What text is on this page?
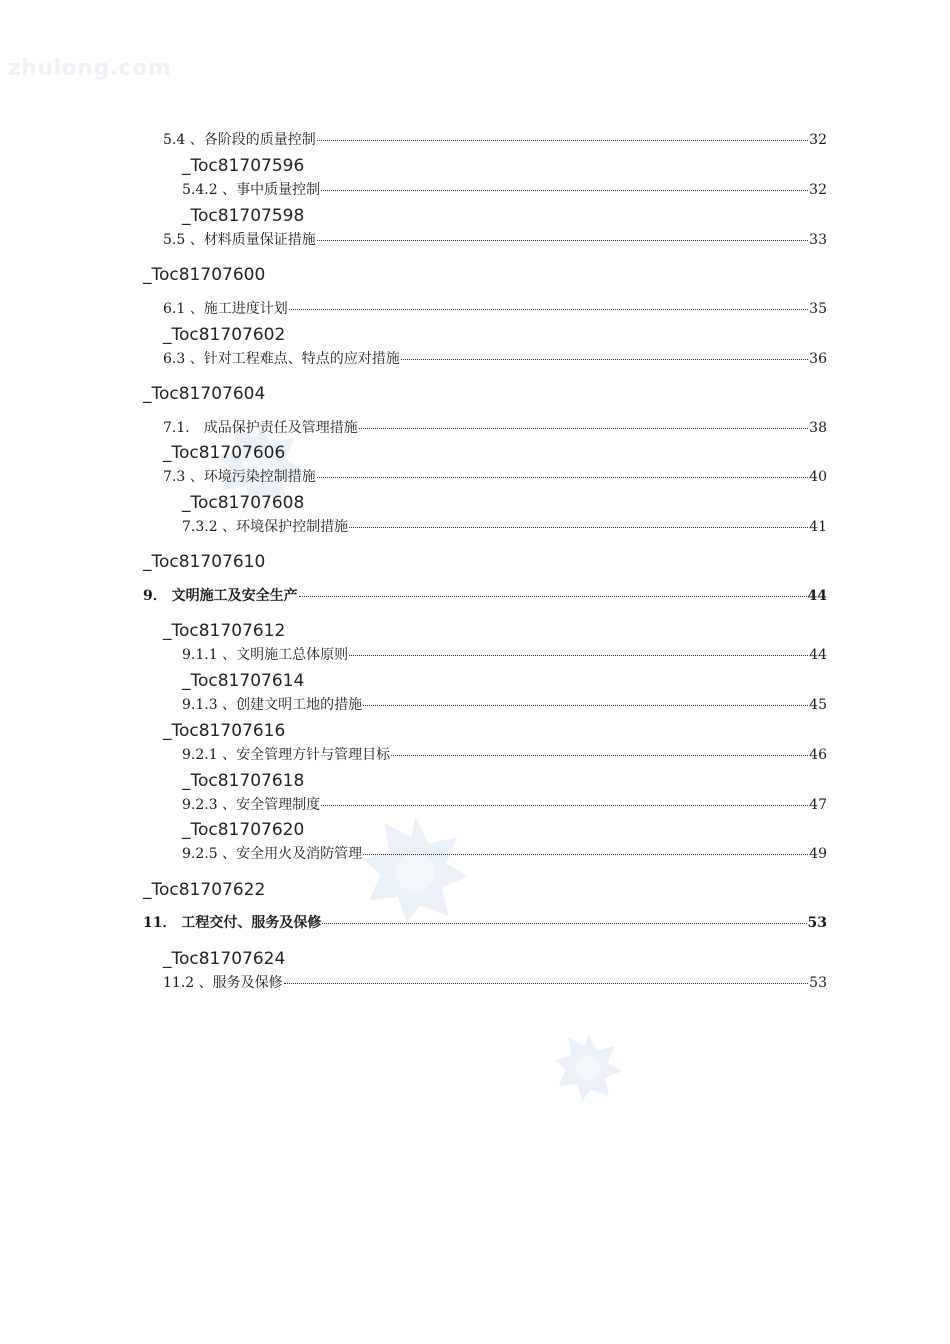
zhulong.com
5.4 、各阶段的质量控制	32
_Toc81707596
5.4.2 、事中质量控制	32
_Toc81707598
5.5 、材料质量保证措施	33
_Toc81707600
6.1 、施工进度计划	35
_Toc81707602
6.3 、针对工程难点、特点的应对措施	36
_Toc81707604
7.1． 成品保护责任及管理措施	38
_Toc81707606
7.3 、环境污染控制措施	40
_Toc81707608
7.3.2 、环境保护控制措施	41
_Toc81707610
9． 文明施工及安全生产	44
_Toc81707612
9.1.1 、文明施工总体原则	44
_Toc81707614
9.1.3 、创建文明工地的措施	45
_Toc81707616
9.2.1 、安全管理方针与管理目标	46
_Toc81707618
9.2.3 、安全管理制度	47
_Toc81707620
9.2.5 、安全用火及消防管理	49
_Toc81707622
11． 工程交付、服务及保修	53
_Toc81707624
11.2 、服务及保修	53
